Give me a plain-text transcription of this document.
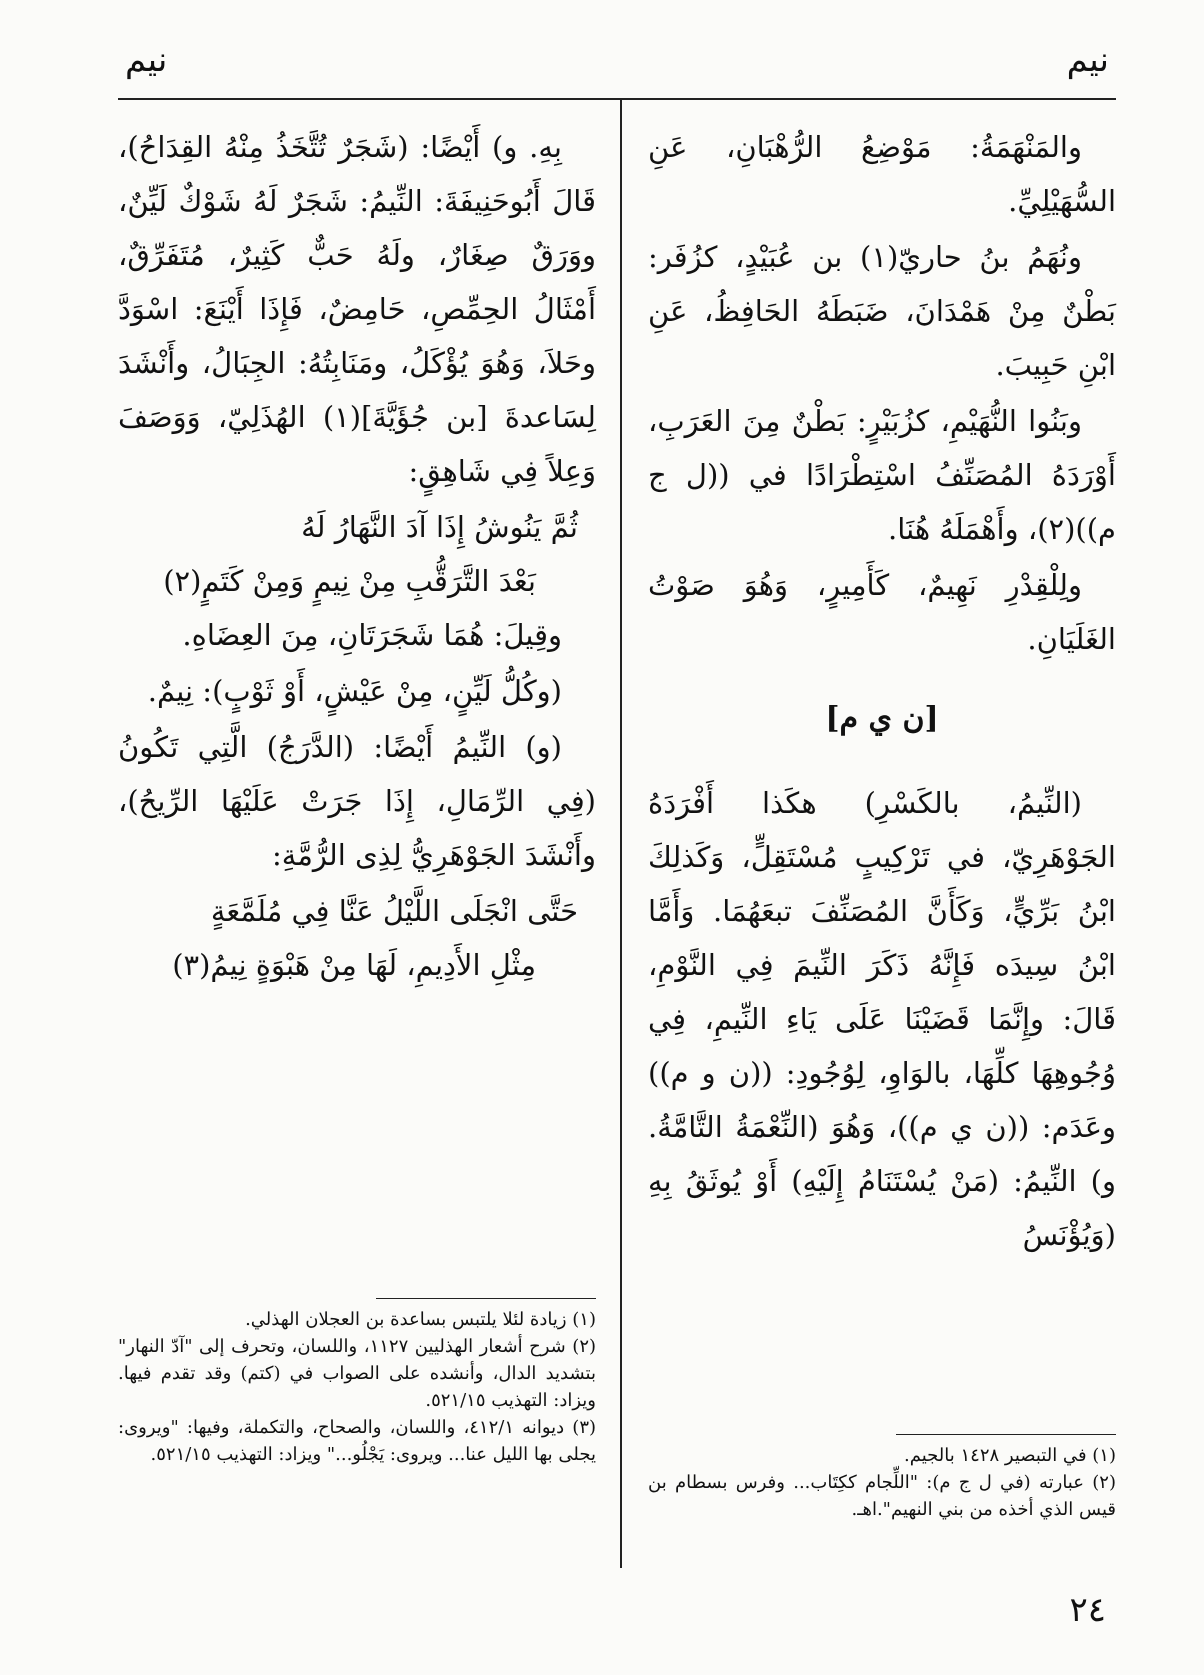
نيم
نيم

والمَنْهَمَةُ: مَوْضِعُ الرُّهْبَانِ، عَنِ السُّهَيْلِيِّ.

ونُهَمُ بنُ حاريّ(١) بن عُبَيْدٍ، كزُفَر: بَطْنٌ مِنْ هَمْدَانَ، ضَبَطَهُ الحَافِظُ، عَنِ ابْنِ حَبِيبَ.

وبَنُوا النُّهَيْمِ، كزُبَيْرٍ: بَطْنٌ مِنَ العَرَبِ، أَوْرَدَهُ المُصَنِّفُ اسْتِطْرَادًا في ((ل ج م))(٢)، وأَهْمَلَهُ هُنَا.

ولِلْقِدْرِ نَهِيمٌ، كَأَمِيرٍ، وَهُوَ صَوْتُ الغَلَيَانِ.

[ن ي م]

(النِّيمُ، بالكَسْرِ) هكَذا أَفْرَدَهُ الجَوْهَرِيّ، في تَرْكِيبٍ مُسْتَقِلٍّ، وَكَذلِكَ ابْنُ بَرِّيٍّ، وَكَأَنَّ المُصَنِّفَ تبعَهُمَا. وَأَمَّا ابْنُ سِيدَه فَإِنَّهُ ذَكَرَ النِّيمَ فِي النَّوْمِ، قَالَ: وإِنَّمَا قَضَيْنَا عَلَى يَاءِ النِّيمِ، فِي وُجُوهِهَا كلِّهَا، بالوَاوِ، لِوُجُودِ: ((ن و م)) وعَدَم: ((ن ي م))، وَهُوَ (النِّعْمَةُ التَّامَّةُ. و) النِّيمُ: (مَنْ يُسْتَنَامُ إِلَيْهِ) أَوْ يُوثَقُ بِهِ (وَيُؤْنَسُ

بِهِ. و) أَيْضًا: (شَجَرٌ تُتَّخَذُ مِنْهُ القِدَاحُ)، قَالَ أَبُوحَنِيفَةَ: النِّيمُ: شَجَرٌ لَهُ شَوْكٌ لَيِّنٌ، ووَرَقٌ صِغَارٌ، ولَهُ حَبٌّ كَثِيرٌ، مُتَفَرِّقٌ، أَمْثَالُ الحِمِّصِ، حَامِضٌ، فَإِذَا أَيْنَعَ: اسْوَدَّ وحَلاَ، وَهُوَ يُؤْكَلُ، ومَنَابِتُهُ: الجِبَالُ، وأَنْشَدَ لِسَاعدةَ [بن جُؤَيَّةَ](١) الهُذَلِيّ، وَوَصَفَ وَعِلاً فِي شَاهِقٍ:

ثُمَّ يَنُوشُ إِذَا آدَ النَّهَارُ لَهُ

بَعْدَ التَّرَقُّبِ مِنْ نِيمٍ وَمِنْ كَتَمٍ(٢)

وقِيلَ: هُمَا شَجَرَتَانِ، مِنَ العِضَاهِ.

(وكُلُّ لَيِّنٍ، مِنْ عَيْشٍ، أَوْ ثَوْبٍ): نِيمٌ.

(و) النِّيمُ أَيْضًا: (الدَّرَجُ) الَّتِي تَكُونُ (فِي الرِّمَالِ، إِذَا جَرَتْ عَلَيْهَا الرِّيحُ)، وأَنْشَدَ الجَوْهَرِيُّ لِذِى الرُّمَّةِ:

حَتَّى انْجَلَى اللَّيْلُ عَنَّا فِي مُلَمَّعَةٍ

مِثْلِ الأَدِيمِ، لَهَا مِنْ هَبْوَةٍ نِيمُ(٣)

(١) في التبصير ١٤٢٨ بالجيم.

(٢) عبارته (في ل ج م): "اللِّجام ككِتَاب... وفرس بسطام بن قيس الذي أخذه من بني النهيم".اهـ.

(١) زيادة لئلا يلتبس بساعدة بن العجلان الهذلي.

(٢) شرح أشعار الهذليين ١١٢٧، واللسان، وتحرف إلى "آدّ النهار" بتشديد الدال، وأنشده على الصواب في (كتم) وقد تقدم فيها. ويزاد: التهذيب ٥٢١/١٥.

(٣) ديوانه ٤١٢/١، واللسان، والصحاح، والتكملة، وفيها: "ويروى: يجلى بها الليل عنا... ويروى: يَجْلُو..." ويزاد: التهذيب ٥٢١/١٥.

٢٤
